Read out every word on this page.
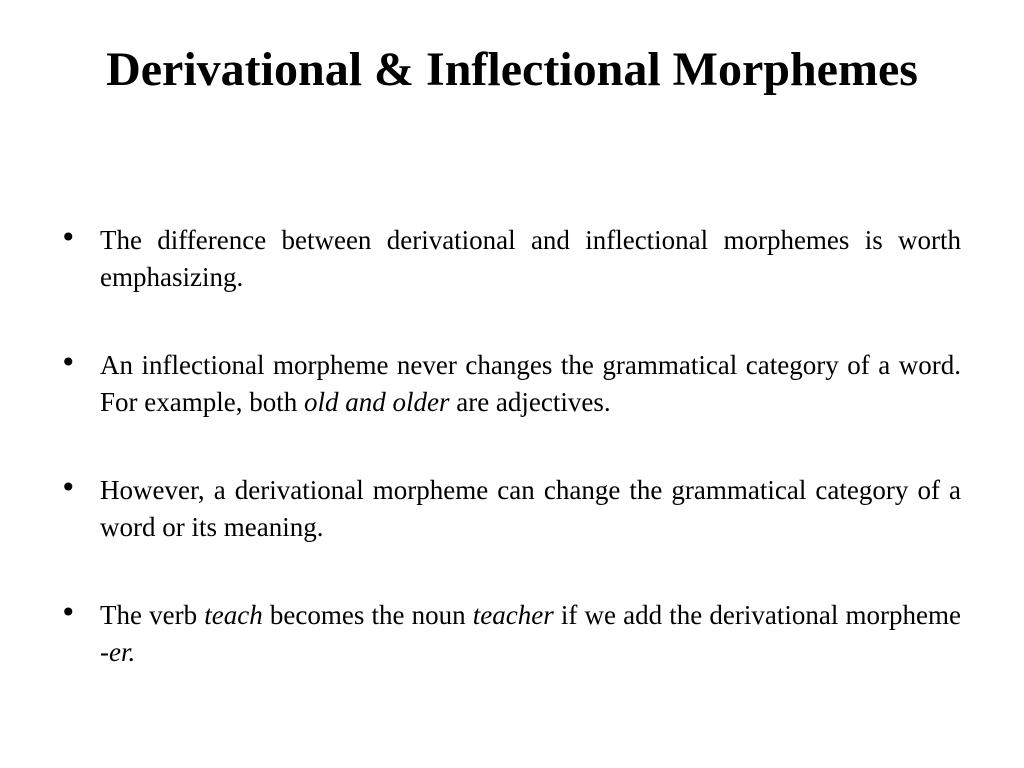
Derivational & Inflectional Morphemes
• The difference between derivational and inflectional morphemes is worth emphasizing.
• An inflectional morpheme never changes the grammatical category of a word. For example, both old and older are adjectives.
• However, a derivational morpheme can change the grammatical category of a word or its meaning.
• The verb teach becomes the noun teacher if we add the derivational morpheme -er.
